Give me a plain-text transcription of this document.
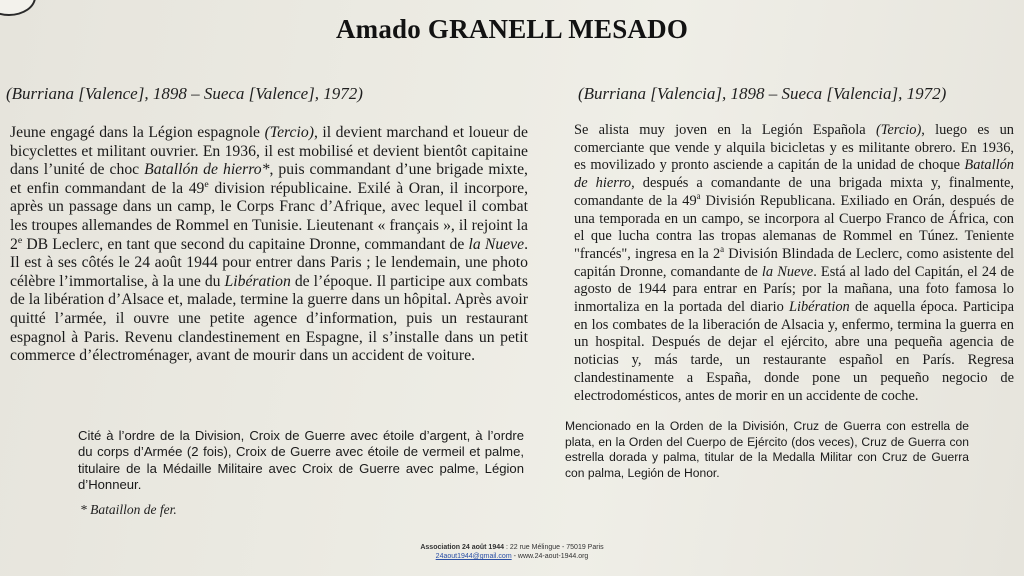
Amado GRANELL MESADO
(Burriana [Valence], 1898 – Sueca [Valence], 1972)	(Burriana [Valencia], 1898 – Sueca [Valencia], 1972)

Jeune engagé dans la Légion espagnole (Tercio), il devient marchand et loueur de bicyclettes et militant ouvrier. En 1936, il est mobilisé et devient bientôt capitaine dans l’unité de choc Batallón de hierro*, puis commandant d’une brigade mixte, et enfin commandant de la 49e division républicaine. Exilé à Oran, il incorpore, après un passage dans un camp, le Corps Franc d’Afrique, avec lequel il combat les troupes allemandes de Rommel en Tunisie. Lieutenant « français », il rejoint la 2e DB Leclerc, en tant que second du capitaine Dronne, commandant de la Nueve. Il est à ses côtés le 24 août 1944 pour entrer dans Paris ; le lendemain, une photo célèbre l’immortalise, à la une du Libération de l’époque. Il participe aux combats de la libération d’Alsace et, malade, termine la guerre dans un hôpital. Après avoir quitté l’armée, il ouvre une petite agence d’information, puis un restaurant espagnol à Paris. Revenu clandestinement en Espagne, il s’installe dans un petit commerce d’électroménager, avant de mourir dans un accident de voiture.

Se alista muy joven en la Legión Española (Tercio), luego es un comerciante que vende y alquila bicicletas y es militante obrero. En 1936, es movilizado y pronto asciende a capitán de la unidad de choque Batallón de hierro, después a comandante de una brigada mixta y, finalmente, comandante de la 49$^a$ División Republicana. Exiliado en Orán, después de una temporada en un campo, se incorpora al Cuerpo Franco de África, con el que lucha contra las tropas alemanas de Rommel en Túnez. Teniente "francés", ingresa en la 2$^a$ División Blindada de Leclerc, como asistente del capitán Dronne, comandante de la Nueve. Está al lado del Capitán, el 24 de agosto de 1944 para entrar en París; por la mañana, una foto famosa lo inmortaliza en la portada del diario Libération de aquella época. Participa en los combates de la liberación de Alsacia y, enfermo, termina la guerra en un hospital. Después de dejar el ejército, abre una pequeña agencia de noticias y, más tarde, un restaurante español en París. Regresa clandestinamente a España, donde pone un pequeño negocio de electrodomésticos, antes de morir en un accidente de coche.

Cité à l’ordre de la Division, Croix de Guerre avec étoile d’argent, à l’ordre du corps d’Armée (2 fois), Croix de Guerre avec étoile de vermeil et palme, titulaire de la Médaille Militaire avec Croix de Guerre avec palme, Légion d’Honneur.

Mencionado en la Orden de la División, Cruz de Guerra con estrella de plata, en la Orden del Cuerpo de Ejército (dos veces), Cruz de Guerra con estrella dorada y palma, titular de la Medalla Militar con Cruz de Guerra con palma, Legión de Honor.

* Bataillon de fer.
Association 24 août 1944 : 22 rue Mélingue - 75019 Paris
24aout1944@gmail.com - www.24-aout-1944.org
